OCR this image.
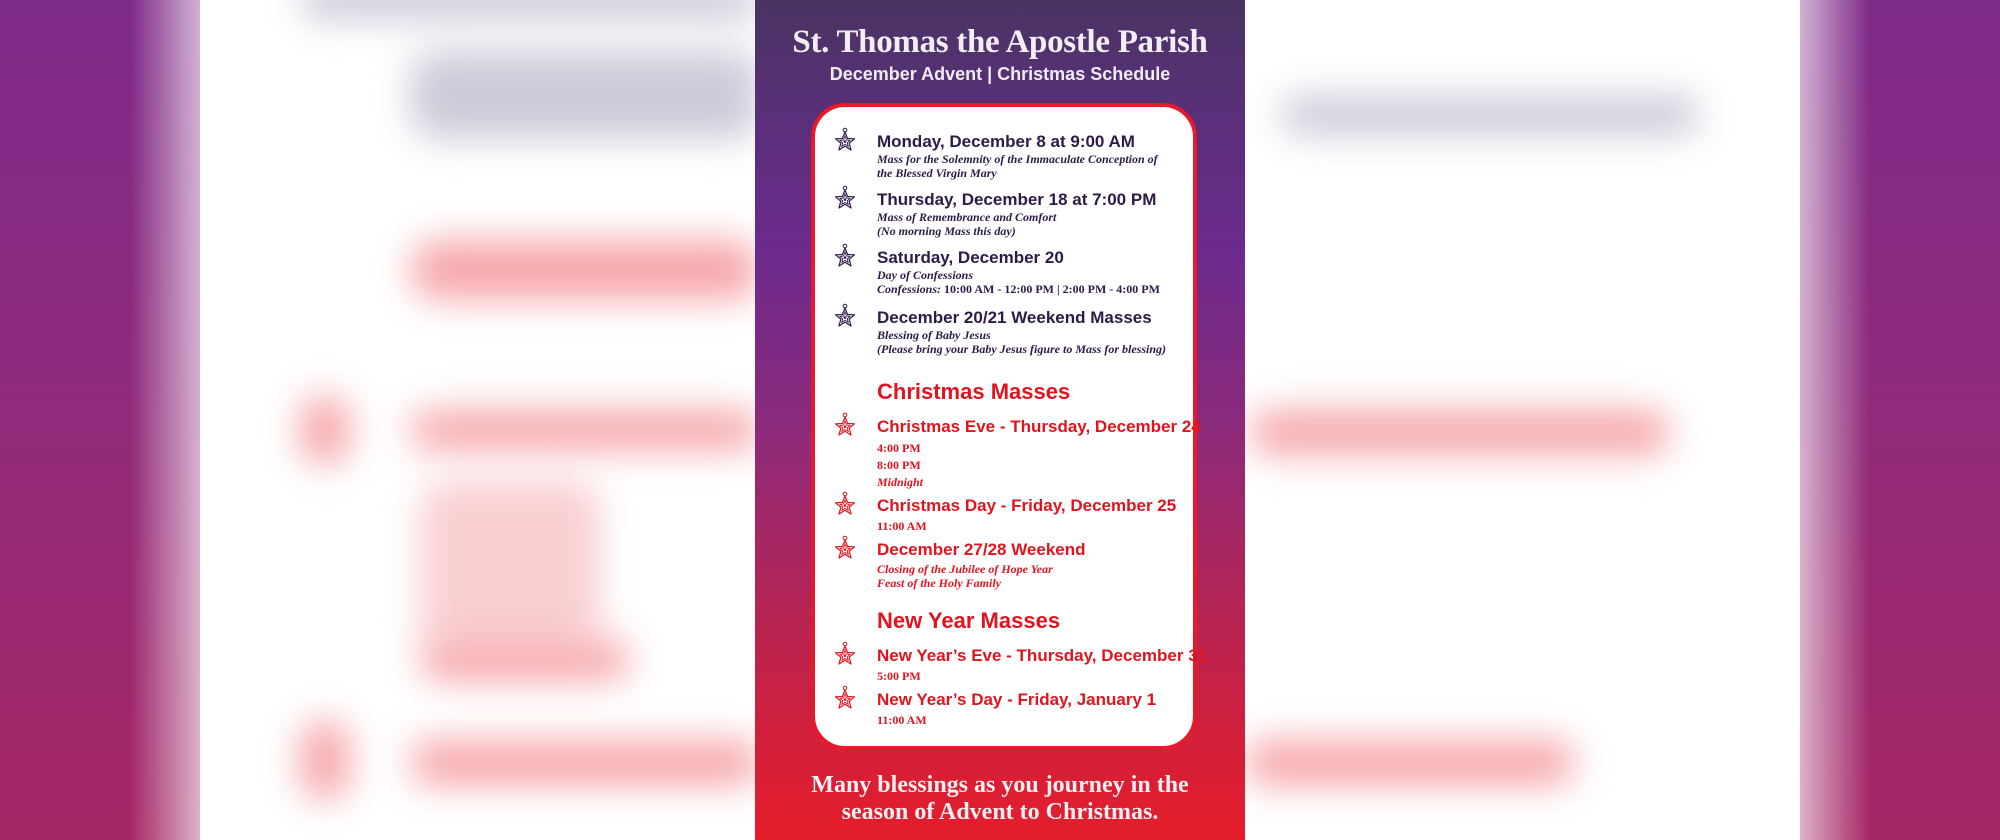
St. Thomas the Apostle Parish
December Advent | Christmas Schedule
Monday, December 8 at 9:00 AM
Mass for the Solemnity of the Immaculate Conception of
the Blessed Virgin Mary
Thursday, December 18 at 7:00 PM
Mass of Remembrance and Comfort
(No morning Mass this day)
Saturday, December 20
Day of Confessions
Confessions: 10:00 AM - 12:00 PM | 2:00 PM - 4:00 PM
December 20/21 Weekend Masses
Blessing of Baby Jesus
(Please bring your Baby Jesus figure to Mass for blessing)
Christmas Masses
Christmas Eve - Thursday, December 24
4:00 PM
8:00 PM
Midnight
Christmas Day - Friday, December 25
11:00 AM
December 27/28 Weekend
Closing of the Jubilee of Hope Year
Feast of the Holy Family
New Year Masses
New Year’s Eve - Thursday, December 31
5:00 PM
New Year’s Day - Friday, January 1
11:00 AM
Many blessings as you journey in the
season of Advent to Christmas.
